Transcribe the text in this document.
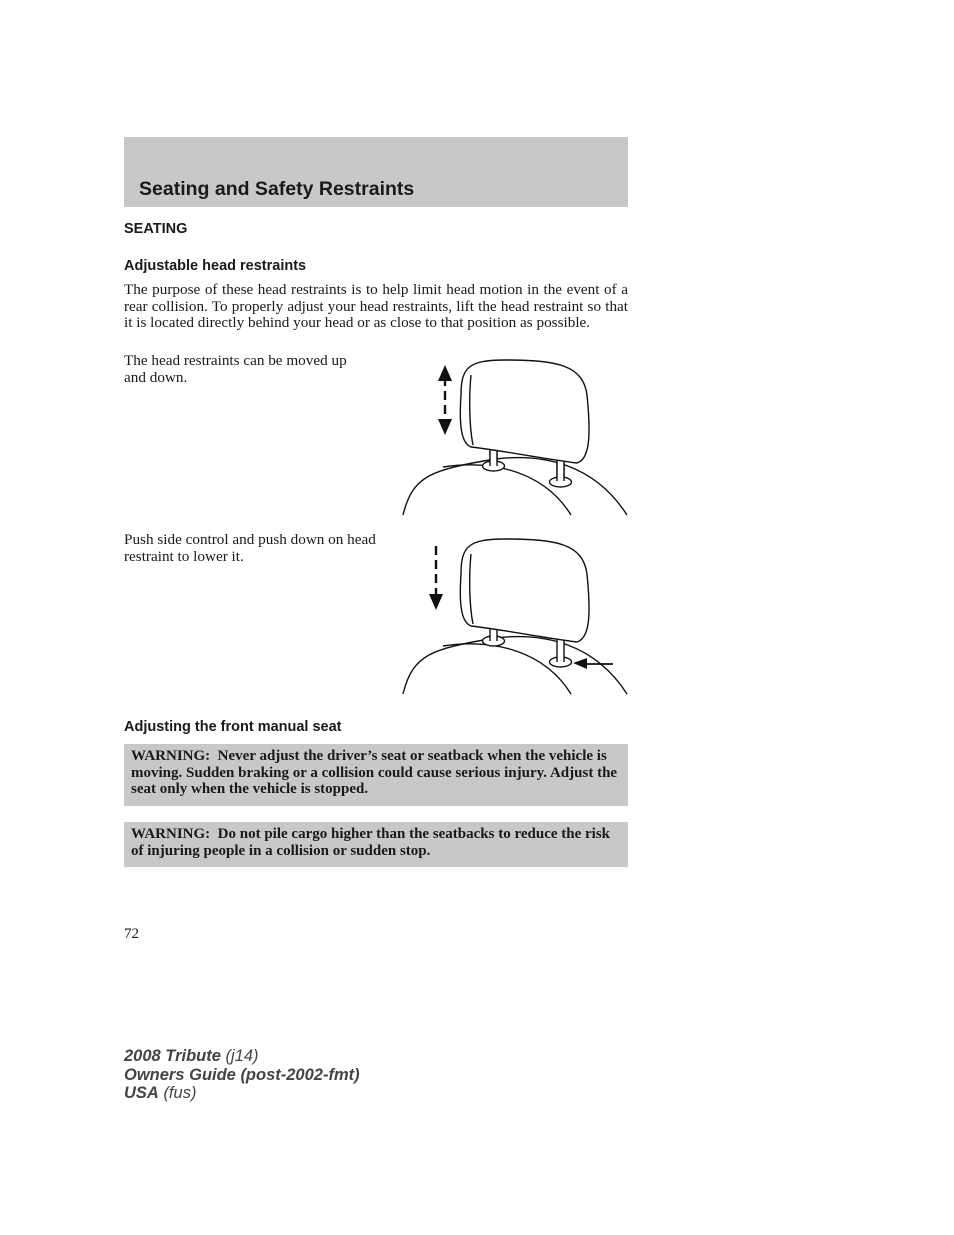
Seating and Safety Restraints
SEATING
Adjustable head restraints
The purpose of these head restraints is to help limit head motion in the event of a rear collision. To properly adjust your head restraints, lift the head restraint so that it is located directly behind your head or as close to that position as possible.
The head restraints can be moved up and down.
Push side control and push down on head restraint to lower it.
Adjusting the front manual seat
WARNING: Never adjust the driver’s seat or seatback when the vehicle is moving. Sudden braking or a collision could cause serious injury. Adjust the seat only when the vehicle is stopped.
WARNING: Do not pile cargo higher than the seatbacks to reduce the risk of injuring people in a collision or sudden stop.
72
2008 Tribute (j14)
Owners Guide (post-2002-fmt)
USA (fus)
